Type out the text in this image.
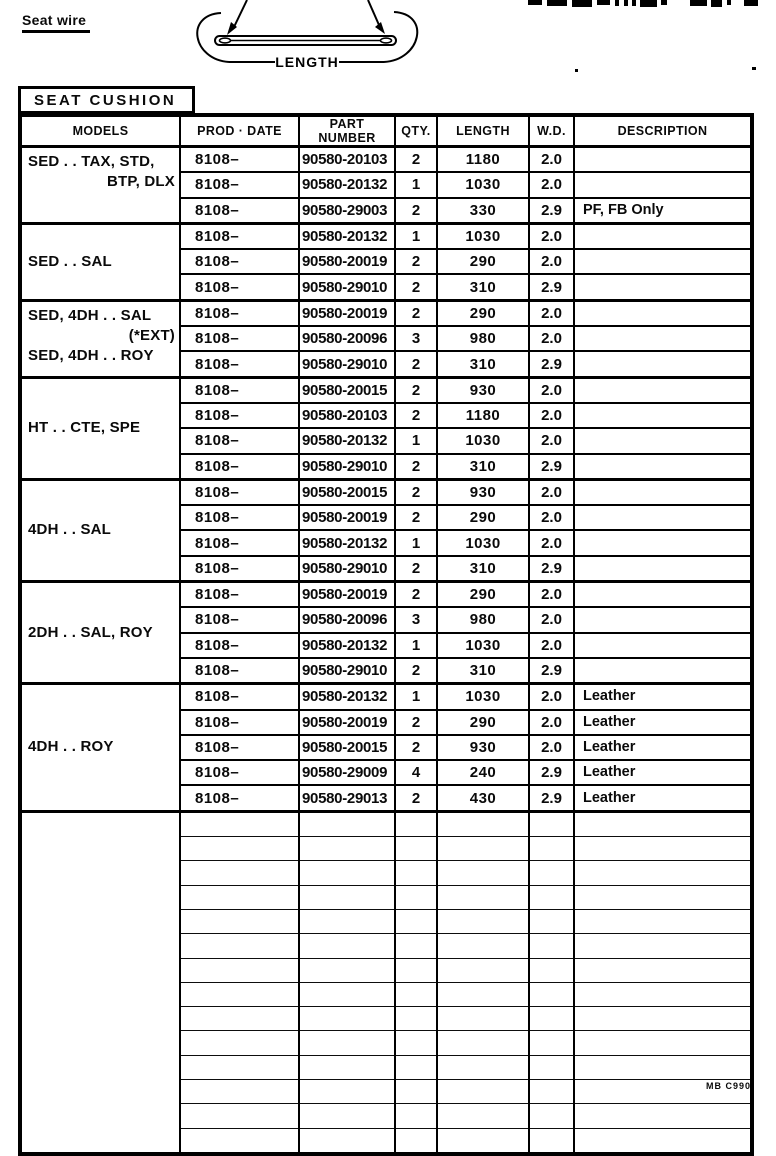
Seat wire
LENGTH
SEAT CUSHION
MODELS	PROD · DATE	PART NUMBER	QTY.	LENGTH	W.D.	DESCRIPTION

SED . . TAX, STD,
BTP, DLX	8108–	90580-20103	2	1180	2.0	
	8108–	90580-20132	1	1030	2.0	
	8108–	90580-29003	2	330	2.9	PF, FB Only

SED . . SAL	8108–	90580-20132	1	1030	2.0	
	8108–	90580-20019	2	290	2.0	
	8108–	90580-29010	2	310	2.9	

SED, 4DH . . SAL
(*EXT)
SED, 4DH . . ROY	8108–	90580-20019	2	290	2.0	
	8108–	90580-20096	3	980	2.0	
	8108–	90580-29010	2	310	2.9	

HT . . CTE, SPE	8108–	90580-20015	2	930	2.0	
	8108–	90580-20103	2	1180	2.0	
	8108–	90580-20132	1	1030	2.0	
	8108–	90580-29010	2	310	2.9	

4DH . . SAL	8108–	90580-20015	2	930	2.0	
	8108–	90580-20019	2	290	2.0	
	8108–	90580-20132	1	1030	2.0	
	8108–	90580-29010	2	310	2.9	

2DH . . SAL, ROY	8108–	90580-20019	2	290	2.0	
	8108–	90580-20096	3	980	2.0	
	8108–	90580-20132	1	1030	2.0	
	8108–	90580-29010	2	310	2.9	

4DH . . ROY	8108–	90580-20132	1	1030	2.0	Leather
	8108–	90580-20019	2	290	2.0	Leather
	8108–	90580-20015	2	930	2.0	Leather
	8108–	90580-29009	4	240	2.9	Leather
	8108–	90580-29013	2	430	2.9	Leather

MB C990
